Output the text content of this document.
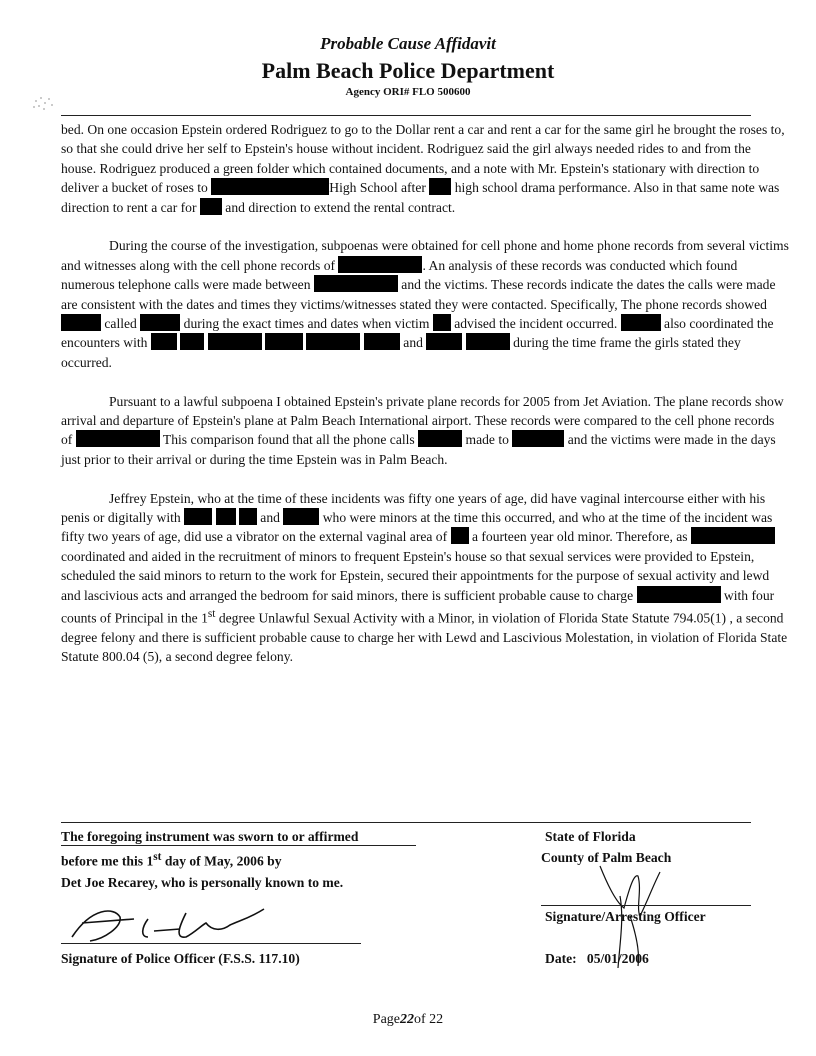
Probable Cause Affidavit
Palm Beach Police Department
Agency ORI# FLO 500600

bed. On one occasion Epstein ordered Rodriguez to go to the Dollar rent a car and rent a car for the same girl he brought the roses to, so that she could drive her self to Epstein's house without incident. Rodriguez said the girl always needed rides to and from the house. Rodriguez produced a green folder which contained documents, and a note with Mr. Epstein's stationary with direction to deliver a bucket of roses to	High School after  high school drama performance. Also in that same note was direction to rent a car for  and direction to extend the rental contract.

During the course of the investigation, subpoenas were obtained for cell phone and home phone records from several victims and witnesses along with the cell phone records of	. An analysis of these records was conducted which found numerous telephone calls were made between	and the victims. These records indicate the dates the calls were made are consistent with the dates and times they victims/witnesses stated they were contacted. Specifically, The phone records showed  called	during the exact times and dates when victim  advised the incident occurred.	also coordinated the encounters with	and	during the time frame the girls stated they occurred.

Pursuant to a lawful subpoena I obtained Epstein's private plane records for 2005 from Jet Aviation. The plane records show arrival and departure of Epstein's plane at Palm Beach International airport. These records were compared to the cell phone records of	This comparison found that all the phone calls	made to	and the victims were made in the days just prior to their arrival or during the time Epstein was in Palm Beach.

Jeffrey Epstein, who at the time of these incidents was fifty one years of age, did have vaginal intercourse either with his penis or digitally with	and	who were minors at the time this occurred, and who at the time of the incident was fifty two years of age, did use a vibrator on the external vaginal area of  a fourteen year old minor. Therefore, as  coordinated and aided in the recruitment of minors to frequent Epstein's house so that sexual services were provided to Epstein, scheduled the said minors to return to the work for Epstein, secured their appointments for the purpose of sexual activity and lewd and lascivious acts and arranged the bedroom for said minors, there is sufficient probable cause to charge	with four counts of Principal in the 1st degree Unlawful Sexual Activity with a Minor, in violation of Florida State Statute 794.05(1) , a second degree felony and there is sufficient probable cause to charge her with Lewd and Lascivious Molestation, in violation of Florida State Statute 800.04 (5), a second degree felony.

The foregoing instrument was sworn to or affirmed
before me this 1st day of May, 2006 by
Det Joe Recarey, who is personally known to me.
Signature of Police Officer (F.S.S. 117.10)
State of Florida
County of Palm Beach
Signature/Arresting Officer
Date: 05/01/2006
Page22of 22
